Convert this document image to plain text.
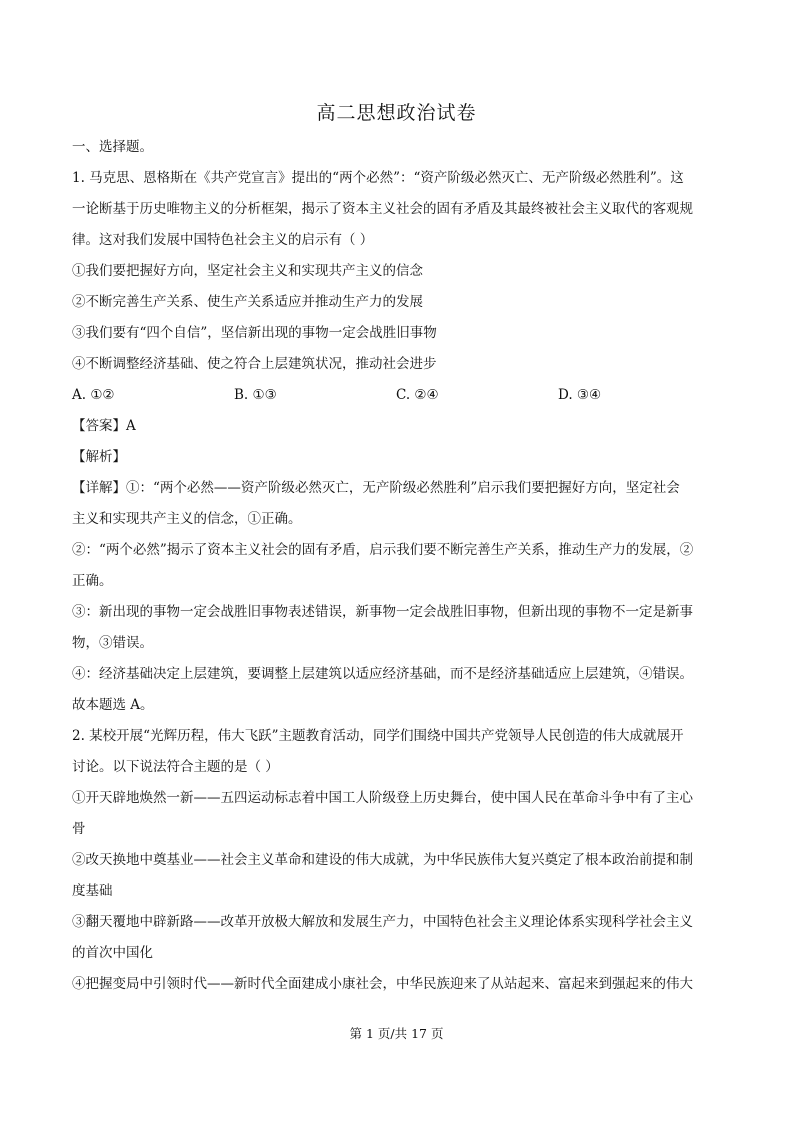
高二思想政治试卷
一、选择题。
1. 马克思、恩格斯在《共产党宣言》提出的“两个必然”：“资产阶级必然灭亡、无产阶级必然胜利”。这
一论断基于历史唯物主义的分析框架，揭示了资本主义社会的固有矛盾及其最终被社会主义取代的客观规
律。这对我们发展中国特色社会主义的启示有（ ）
①我们要把握好方向，坚定社会主义和实现共产主义的信念
②不断完善生产关系、使生产关系适应并推动生产力的发展
③我们要有“四个自信”，坚信新出现的事物一定会战胜旧事物
④不断调整经济基础、使之符合上层建筑状况，推动社会进步
A. ①②	B. ①③	C. ②④	D. ③④
【答案】A
【解析】
【详解】①：“两个必然——资产阶级必然灭亡，无产阶级必然胜利”启示我们要把握好方向，坚定社会
主义和实现共产主义的信念，①正确。
②：“两个必然”揭示了资本主义社会的固有矛盾，启示我们要不断完善生产关系，推动生产力的发展，②
正确。
③：新出现的事物一定会战胜旧事物表述错误，新事物一定会战胜旧事物，但新出现的事物不一定是新事
物，③错误。
④：经济基础决定上层建筑，要调整上层建筑以适应经济基础，而不是经济基础适应上层建筑，④错误。
故本题选 A。
2. 某校开展“光辉历程，伟大飞跃”主题教育活动，同学们围绕中国共产党领导人民创造的伟大成就展开
讨论。以下说法符合主题的是（ ）
①开天辟地焕然一新——五四运动标志着中国工人阶级登上历史舞台，使中国人民在革命斗争中有了主心
骨
②改天换地中奠基业——社会主义革命和建设的伟大成就，为中华民族伟大复兴奠定了根本政治前提和制
度基础
③翻天覆地中辟新路——改革开放极大解放和发展生产力，中国特色社会主义理论体系实现科学社会主义
的首次中国化
④把握变局中引领时代——新时代全面建成小康社会，中华民族迎来了从站起来、富起来到强起来的伟大
第 1 页/共 17 页
